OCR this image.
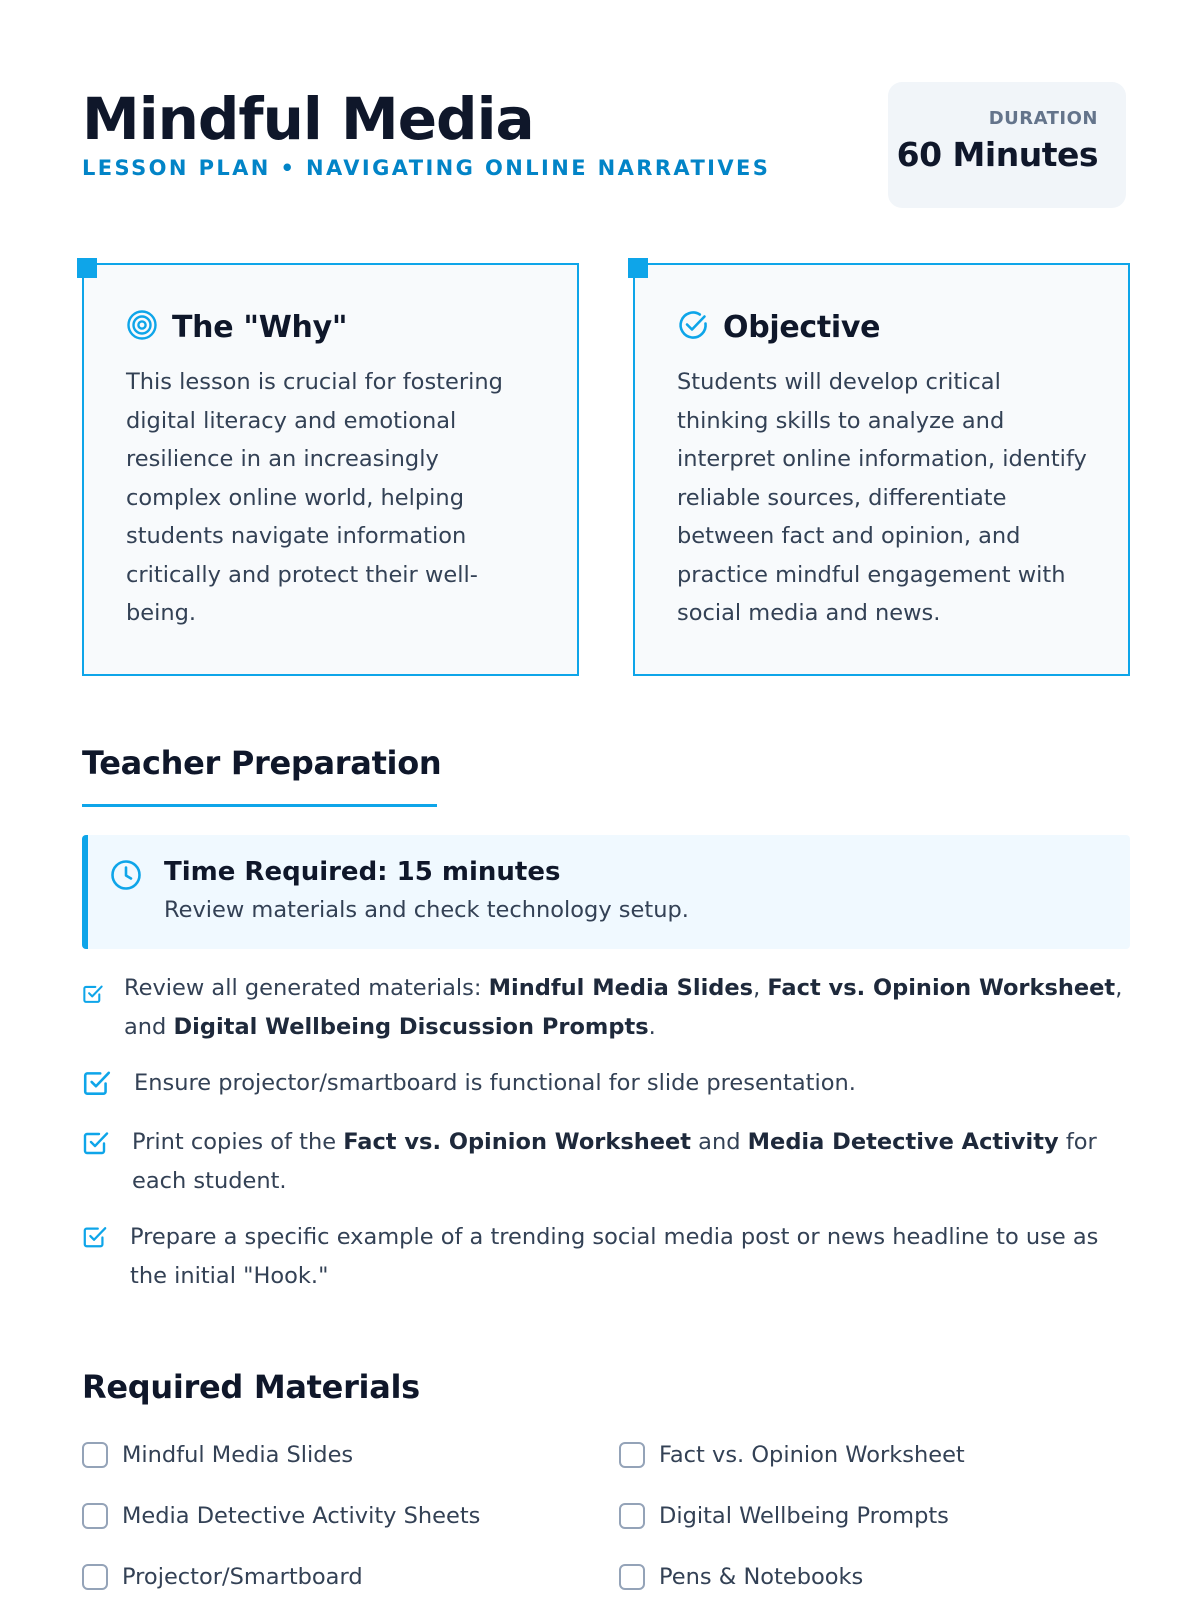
Mindful Media
LESSON PLAN • NAVIGATING ONLINE NARRATIVES
DURATION
60 Minutes
The "Why"
This lesson is crucial for fostering digital literacy and emotional resilience in an increasingly complex online world, helping students navigate information critically and protect their well-being.
Objective
Students will develop critical thinking skills to analyze and interpret online information, identify reliable sources, differentiate between fact and opinion, and practice mindful engagement with social media and news.
Teacher Preparation
Time Required: 15 minutes
Review materials and check technology setup.
Review all generated materials: Mindful Media Slides, Fact vs. Opinion Worksheet, and Digital Wellbeing Discussion Prompts.
Ensure projector/smartboard is functional for slide presentation.
Print copies of the Fact vs. Opinion Worksheet and Media Detective Activity for each student.
Prepare a specific example of a trending social media post or news headline to use as the initial "Hook."
Required Materials
Mindful Media Slides	Fact vs. Opinion Worksheet
Media Detective Activity Sheets	Digital Wellbeing Prompts
Projector/Smartboard	Pens & Notebooks
